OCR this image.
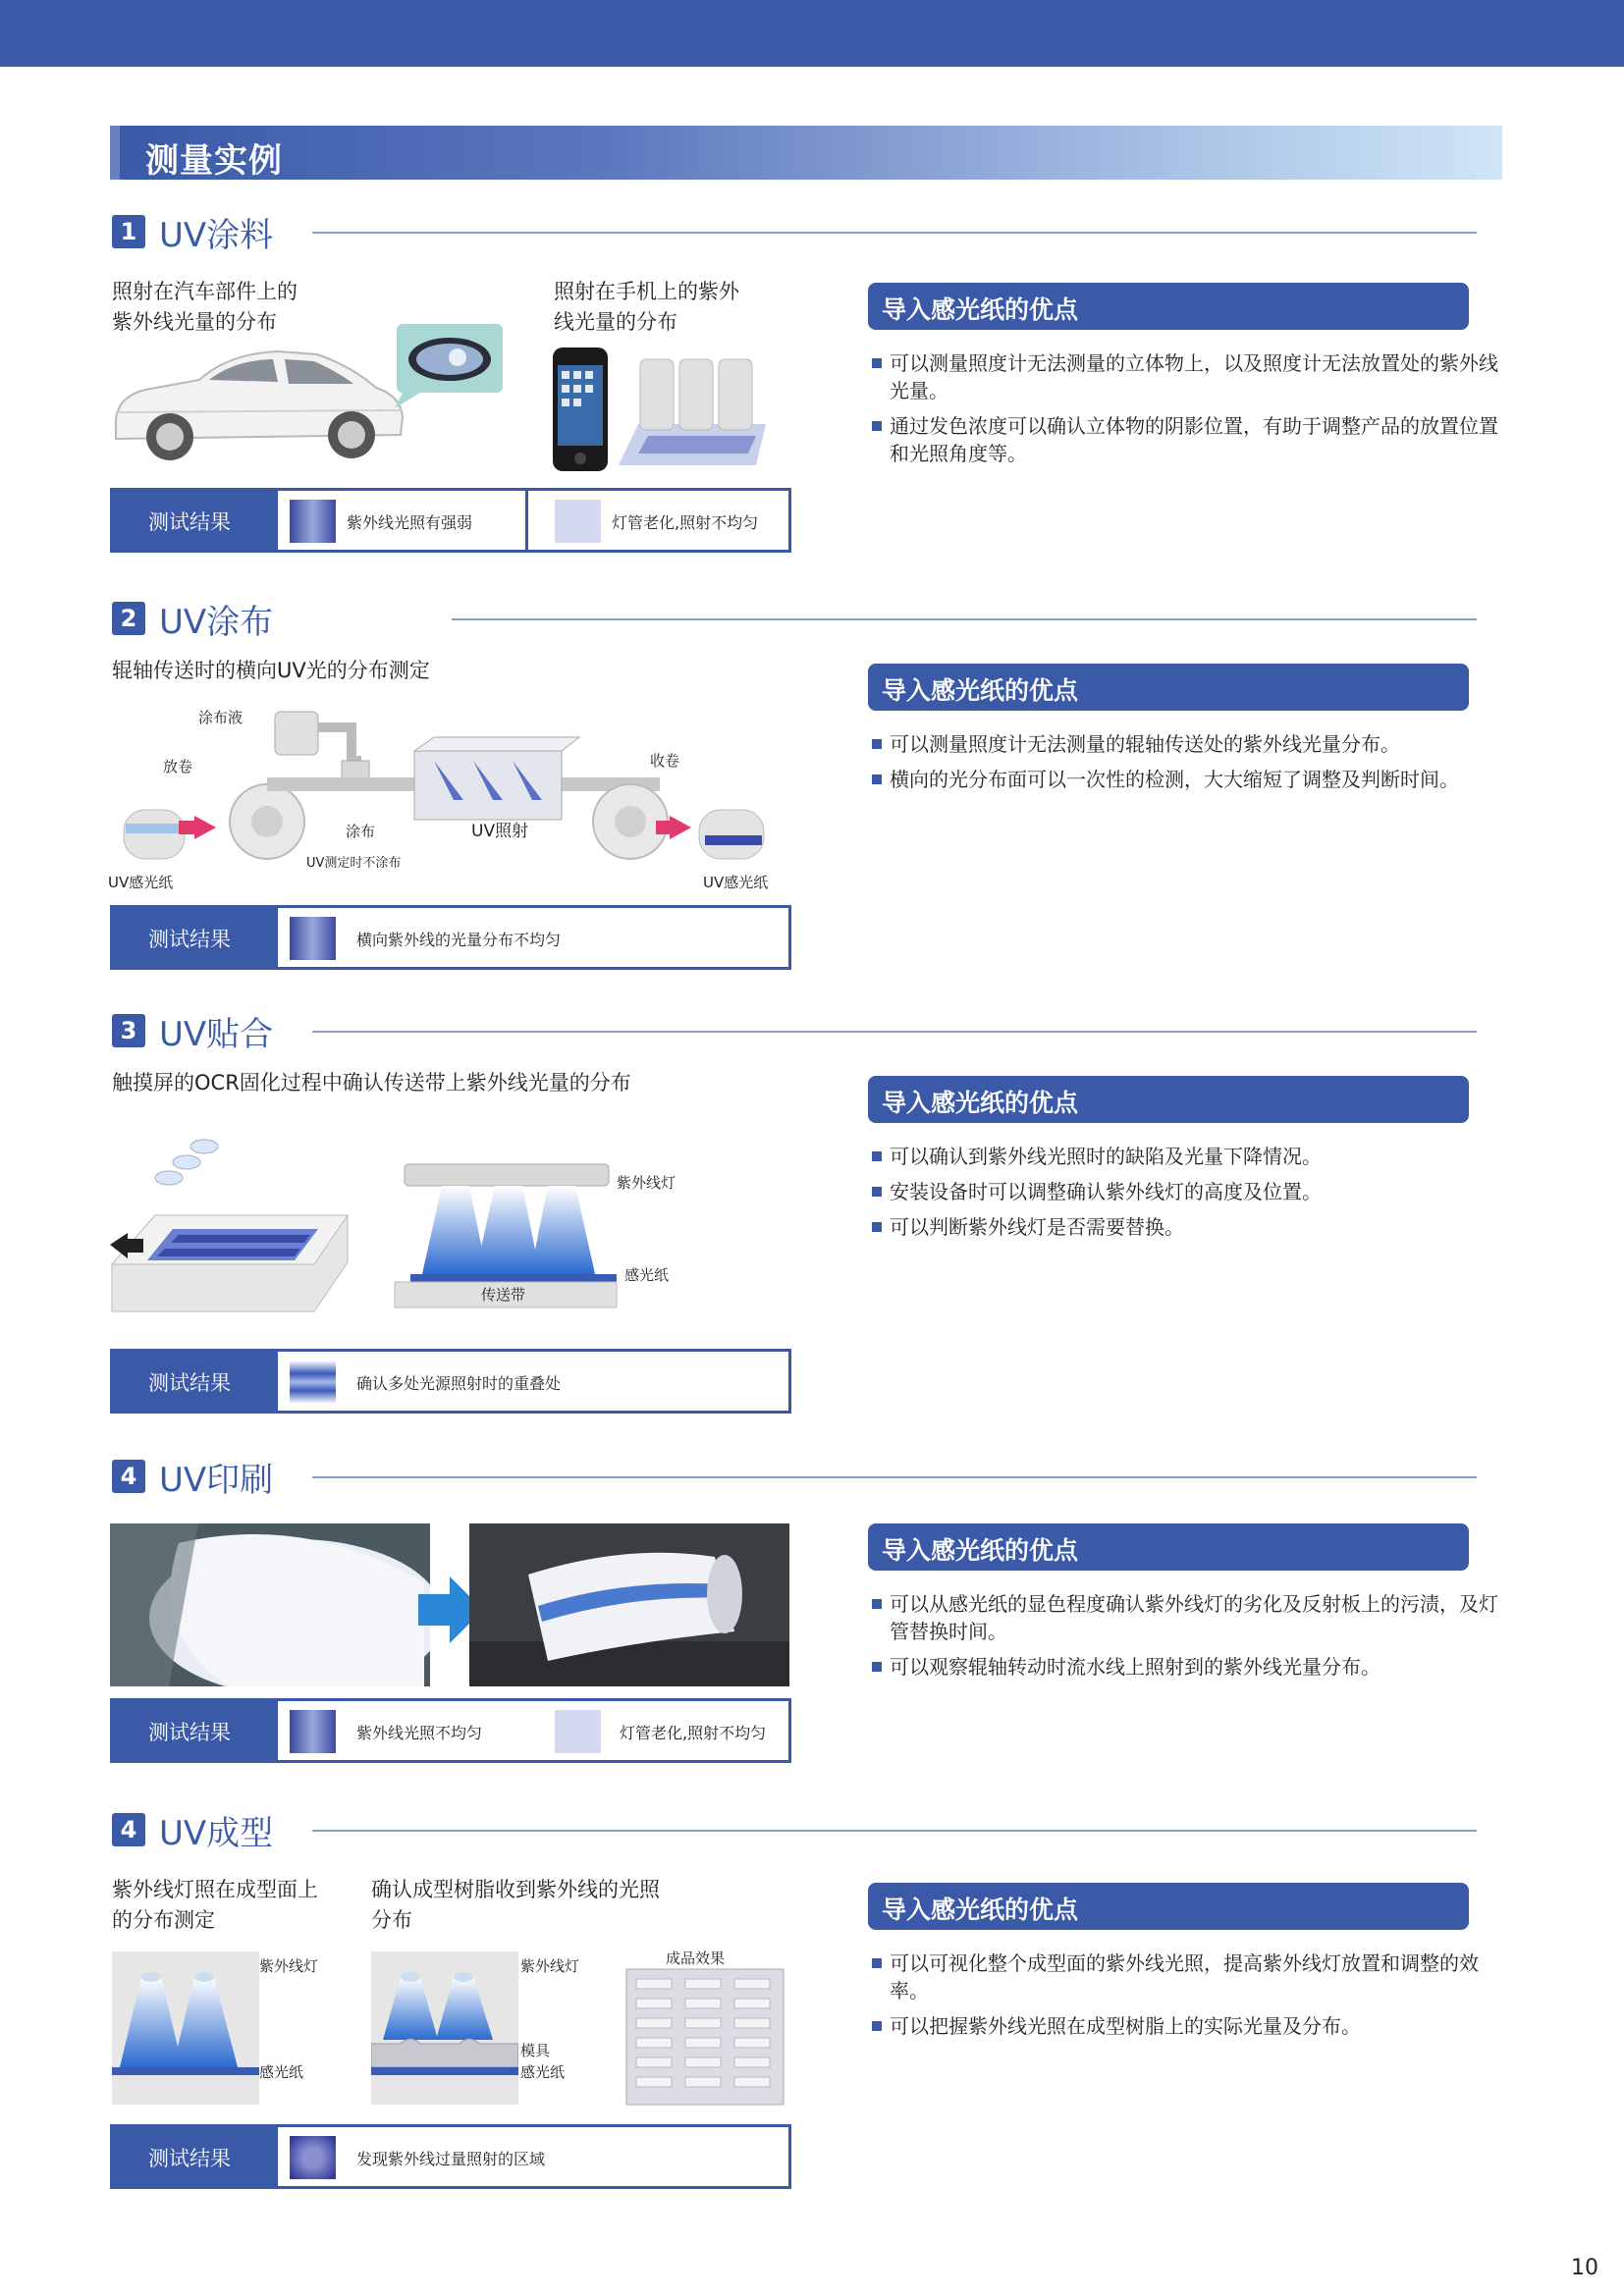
测量实例
1 UV涂料
照射在汽车部件上的
紫外线光量的分布
照射在手机上的紫外
线光量的分布
测试结果	紫外线光照有强弱	灯管老化,照射不均匀
导入感光纸的优点
可以测量照度计无法测量的立体物上，以及照度计无法放置处的紫外线光量。
通过发色浓度可以确认立体物的阴影位置，有助于调整产品的放置位置和光照角度等。
2 UV涂布
辊轴传送时的横向UV光的分布测定
涂布液
放卷	收卷
涂布
UV测定时不涂布
UV照射
UV感光纸	UV感光纸
测试结果	横向紫外线的光量分布不均匀
导入感光纸的优点
可以测量照度计无法测量的辊轴传送处的紫外线光量分布。
横向的光分布面可以一次性的检测，大大缩短了调整及判断时间。
3 UV贴合
触摸屏的OCR固化过程中确认传送带上紫外线光量的分布
紫外线灯
感光纸
传送带
测试结果	确认多处光源照射时的重叠处
导入感光纸的优点
可以确认到紫外线光照时的缺陷及光量下降情况。
安装设备时可以调整确认紫外线灯的高度及位置。
可以判断紫外线灯是否需要替换。
4 UV印刷
测试结果	紫外线光照不均匀	灯管老化,照射不均匀
导入感光纸的优点
可以从感光纸的显色程度确认紫外线灯的劣化及反射板上的污渍，及灯管替换时间。
可以观察辊轴转动时流水线上照射到的紫外线光量分布。
4 UV成型
紫外线灯照在成型面上
的分布测定
确认成型树脂收到紫外线的光照
分布
紫外线灯
感光纸
紫外线灯
模具
感光纸
成品效果
测试结果	发现紫外线过量照射的区域
导入感光纸的优点
可以可视化整个成型面的紫外线光照，提高紫外线灯放置和调整的效率。
可以把握紫外线光照在成型树脂上的实际光量及分布。
10
